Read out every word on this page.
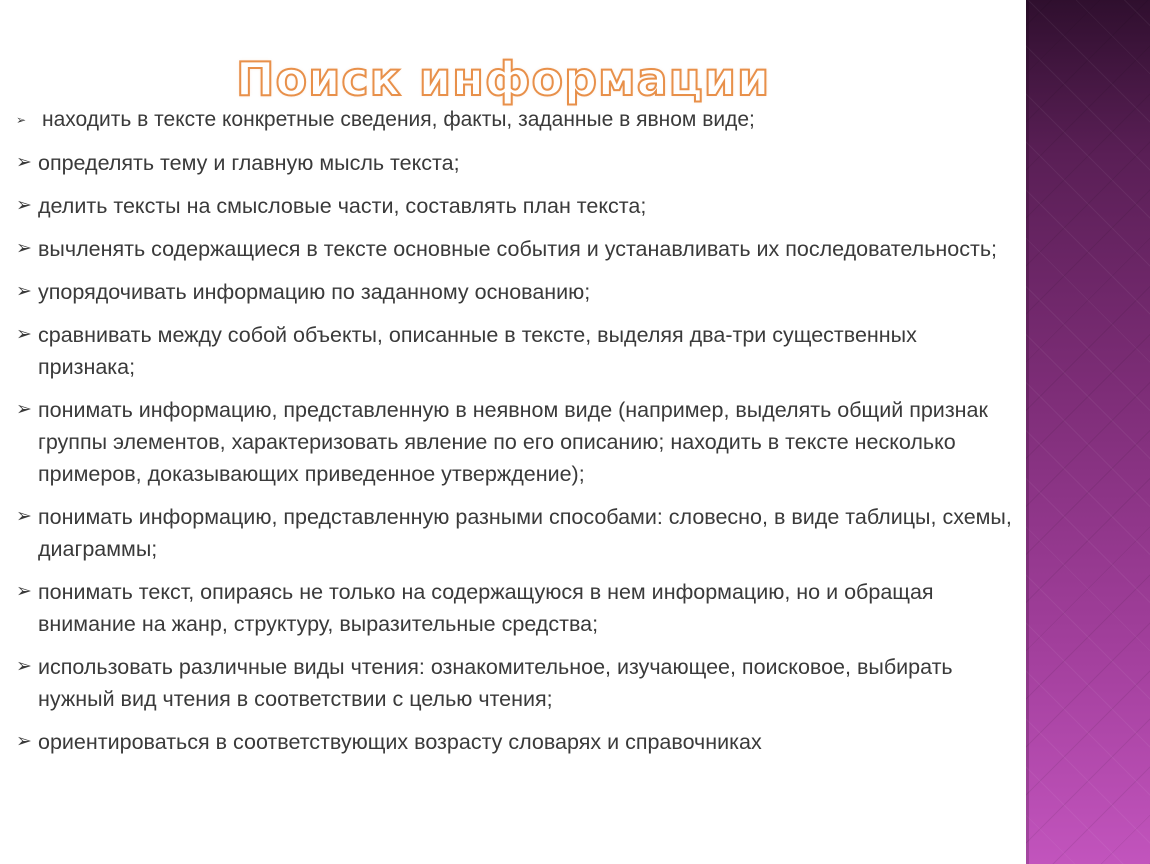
Поиск информации
➢ находить в тексте конкретные сведения, факты, заданные в явном виде;
➢ определять тему и главную мысль текста;
➢ делить тексты на смысловые части, составлять план текста;
➢ вычленять содержащиеся в тексте основные события и устанавливать их последовательность;
➢ упорядочивать информацию по заданному основанию;
➢ сравнивать между собой объекты, описанные в тексте, выделяя два-три существенных признака;
➢ понимать информацию, представленную в неявном виде (например, выделять общий признак группы элементов, характеризовать явление по его описанию; находить в тексте несколько примеров, доказывающих приведенное утверждение);
➢ понимать информацию, представленную разными способами: словесно, в виде таблицы, схемы, диаграммы;
➢ понимать текст, опираясь не только на содержащуюся в нем информацию, но и обращая внимание на жанр, структуру, выразительные средства;
➢ использовать различные виды чтения: ознакомительное, изучающее, поисковое, выбирать нужный вид чтения в соответствии с целью чтения;
➢ ориентироваться в соответствующих возрасту словарях и справочниках
